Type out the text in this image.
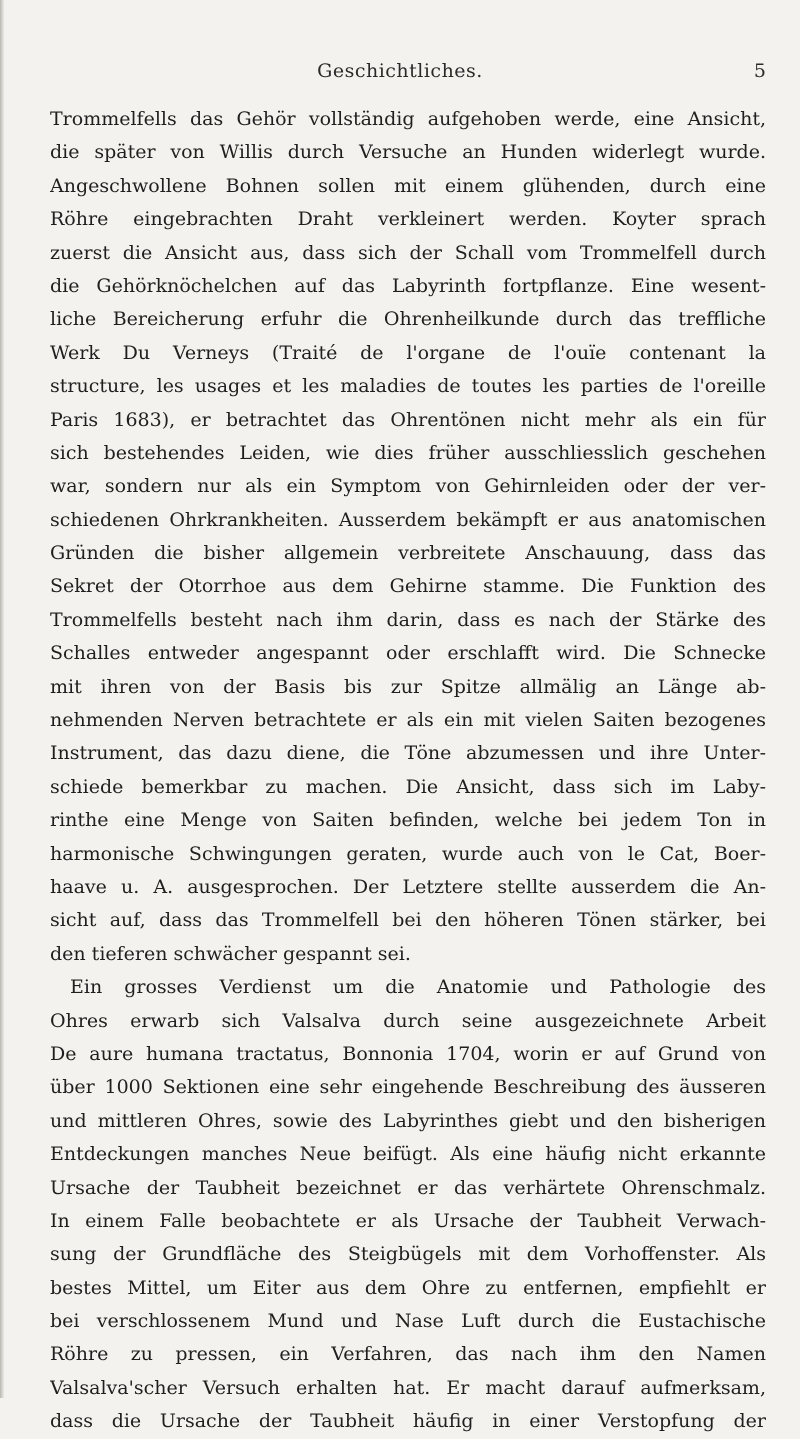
Geschichtliches.	5
Trommelfells das Gehör vollständig aufgehoben werde, eine Ansicht,
die später von Willis durch Versuche an Hunden widerlegt wurde.
Angeschwollene Bohnen sollen mit einem glühenden, durch eine
Röhre eingebrachten Draht verkleinert werden. Koyter sprach
zuerst die Ansicht aus, dass sich der Schall vom Trommelfell durch
die Gehörknöchelchen auf das Labyrinth fortpflanze. Eine wesent-
liche Bereicherung erfuhr die Ohrenheilkunde durch das treffliche
Werk Du Verneys (Traité de l'organe de l'ouïe contenant la
structure, les usages et les maladies de toutes les parties de l'oreille
Paris 1683), er betrachtet das Ohrentönen nicht mehr als ein für
sich bestehendes Leiden, wie dies früher ausschliesslich geschehen
war, sondern nur als ein Symptom von Gehirnleiden oder der ver-
schiedenen Ohrkrankheiten. Ausserdem bekämpft er aus anatomischen
Gründen die bisher allgemein verbreitete Anschauung, dass das
Sekret der Otorrhoe aus dem Gehirne stamme. Die Funktion des
Trommelfells besteht nach ihm darin, dass es nach der Stärke des
Schalles entweder angespannt oder erschlafft wird. Die Schnecke
mit ihren von der Basis bis zur Spitze allmälig an Länge ab-
nehmenden Nerven betrachtete er als ein mit vielen Saiten bezogenes
Instrument, das dazu diene, die Töne abzumessen und ihre Unter-
schiede bemerkbar zu machen. Die Ansicht, dass sich im Laby-
rinthe eine Menge von Saiten befinden, welche bei jedem Ton in
harmonische Schwingungen geraten, wurde auch von le Cat, Boer-
haave u. A. ausgesprochen. Der Letztere stellte ausserdem die An-
sicht auf, dass das Trommelfell bei den höheren Tönen stärker, bei
den tieferen schwächer gespannt sei.
Ein grosses Verdienst um die Anatomie und Pathologie des
Ohres erwarb sich Valsalva durch seine ausgezeichnete Arbeit
De aure humana tractatus, Bonnonia 1704, worin er auf Grund von
über 1000 Sektionen eine sehr eingehende Beschreibung des äusseren
und mittleren Ohres, sowie des Labyrinthes giebt und den bisherigen
Entdeckungen manches Neue beifügt. Als eine häufig nicht erkannte
Ursache der Taubheit bezeichnet er das verhärtete Ohrenschmalz.
In einem Falle beobachtete er als Ursache der Taubheit Verwach-
sung der Grundfläche des Steigbügels mit dem Vorhoffenster. Als
bestes Mittel, um Eiter aus dem Ohre zu entfernen, empfiehlt er
bei verschlossenem Mund und Nase Luft durch die Eustachische
Röhre zu pressen, ein Verfahren, das nach ihm den Namen
Valsalva'scher Versuch erhalten hat. Er macht darauf aufmerksam,
dass die Ursache der Taubheit häufig in einer Verstopfung der
